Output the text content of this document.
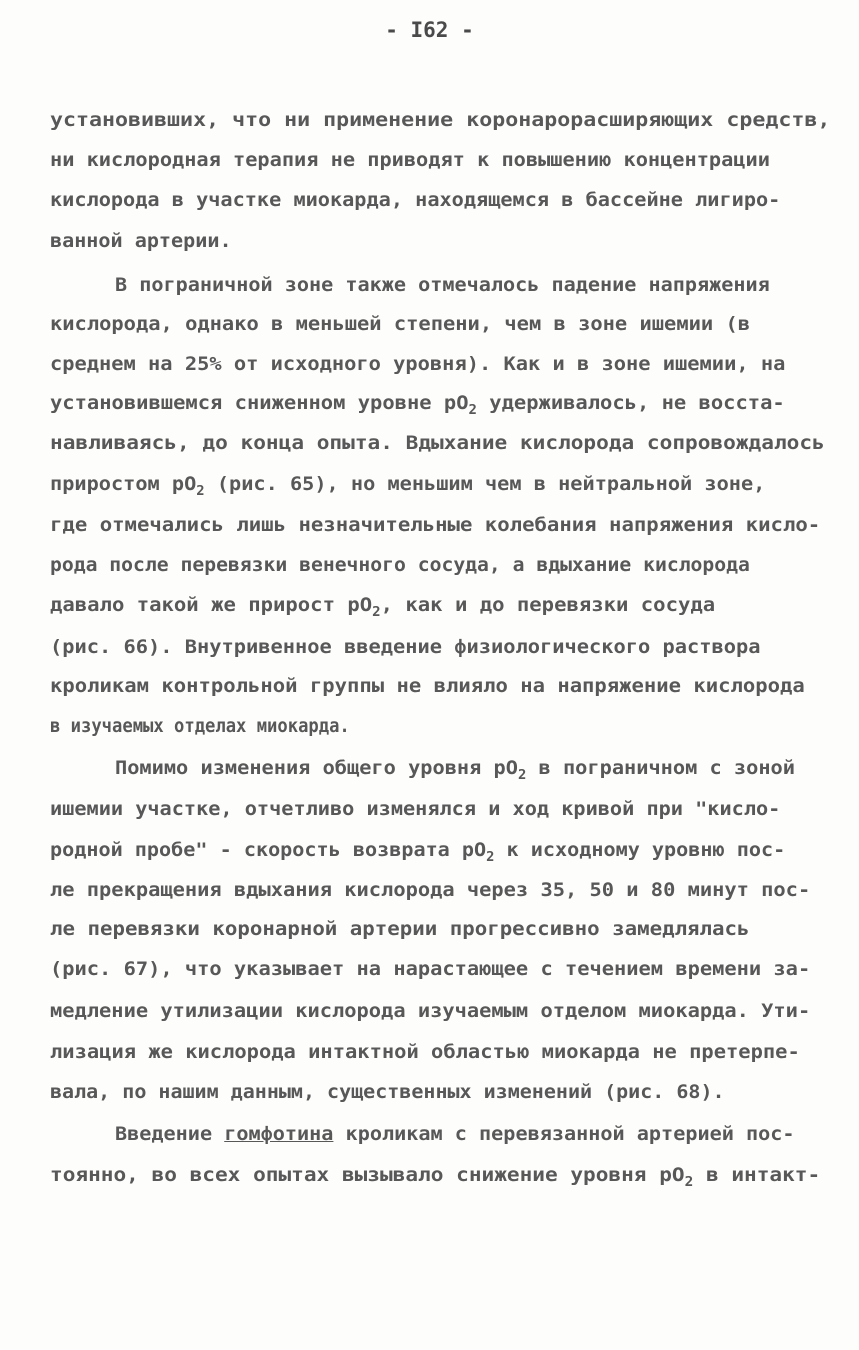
- I62 -
установивших, что ни применение коронарорасширяющих средств,
ни кислородная терапия не приводят к повышению концентрации
кислорода в участке миокарда, находящемся в бассейне лигиро-
ванной артерии.
В пограничной зоне также отмечалось падение напряжения
кислорода, однако в меньшей степени, чем в зоне ишемии (в
среднем на 25% от исходного уровня). Как и в зоне ишемии, на
установившемся сниженном уровне $pO_2$ удерживалось, не восста-
навливаясь, до конца опыта. Вдыхание кислорода сопровождалось
приростом $pO_2$ (рис. 65), но меньшим чем в нейтральной зоне,
где отмечались лишь незначительные колебания напряжения кисло-
рода после перевязки венечного сосуда, а вдыхание кислорода
давало такой же прирост $pO_2$, как и до перевязки сосуда
(рис. 66). Внутривенное введение физиологического раствора
кроликам контрольной группы не влияло на напряжение кислорода
в изучаемых отделах миокарда.
Помимо изменения общего уровня $pO_2$ в пограничном с зоной
ишемии участке, отчетливо изменялся и ход кривой при "кисло-
родной пробе" - скорость возврата $pO_2$ к исходному уровню пос-
ле прекращения вдыхания кислорода через 35, 50 и 80 минут пос-
ле перевязки коронарной артерии прогрессивно замедлялась
(рис. 67), что указывает на нарастающее с течением времени за-
медление утилизации кислорода изучаемым отделом миокарда. Ути-
лизация же кислорода интактной областью миокарда не претерпе-
вала, по нашим данным, существенных изменений (рис. 68).
Введение гомфотина кроликам с перевязанной артерией пос-
тоянно, во всех опытах вызывало снижение уровня $pO_2$ в интакт-
